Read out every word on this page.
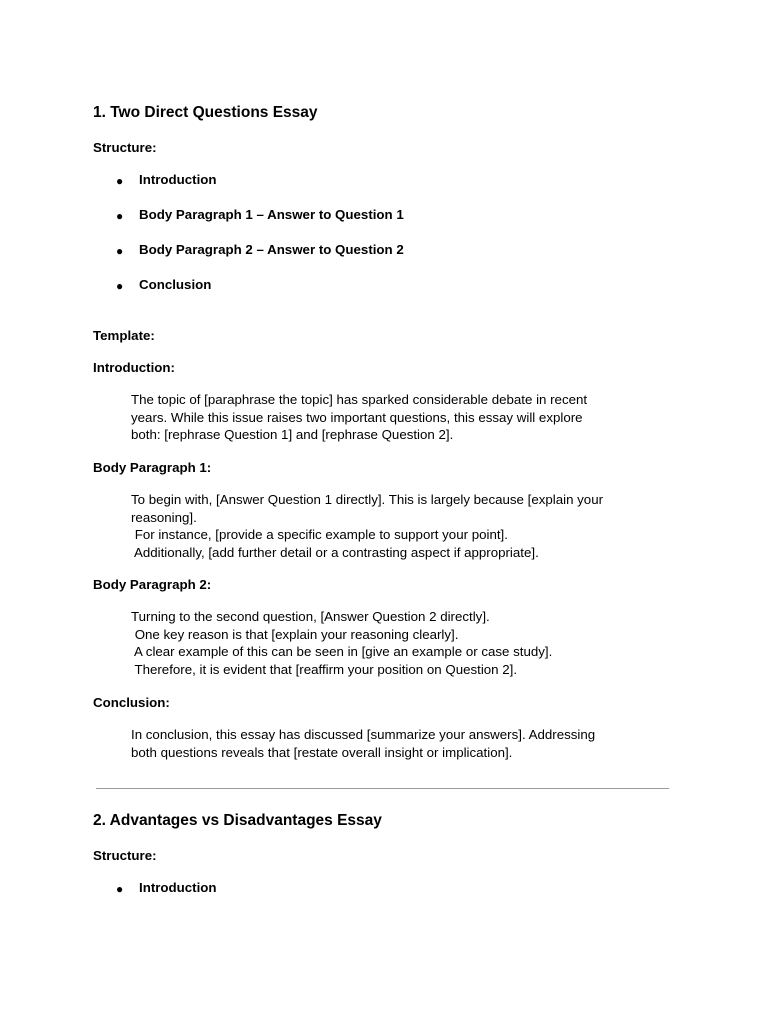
1. Two Direct Questions Essay
Structure:
● Introduction
● Body Paragraph 1 – Answer to Question 1
● Body Paragraph 2 – Answer to Question 2
● Conclusion
Template:
Introduction:
The topic of [paraphrase the topic] has sparked considerable debate in recent
years. While this issue raises two important questions, this essay will explore
both: [rephrase Question 1] and [rephrase Question 2].
Body Paragraph 1:
To begin with, [Answer Question 1 directly]. This is largely because [explain your
reasoning].
For instance, [provide a specific example to support your point].
Additionally, [add further detail or a contrasting aspect if appropriate].
Body Paragraph 2:
Turning to the second question, [Answer Question 2 directly].
One key reason is that [explain your reasoning clearly].
A clear example of this can be seen in [give an example or case study].
Therefore, it is evident that [reaffirm your position on Question 2].
Conclusion:
In conclusion, this essay has discussed [summarize your answers]. Addressing
both questions reveals that [restate overall insight or implication].
2. Advantages vs Disadvantages Essay
Structure:
● Introduction
